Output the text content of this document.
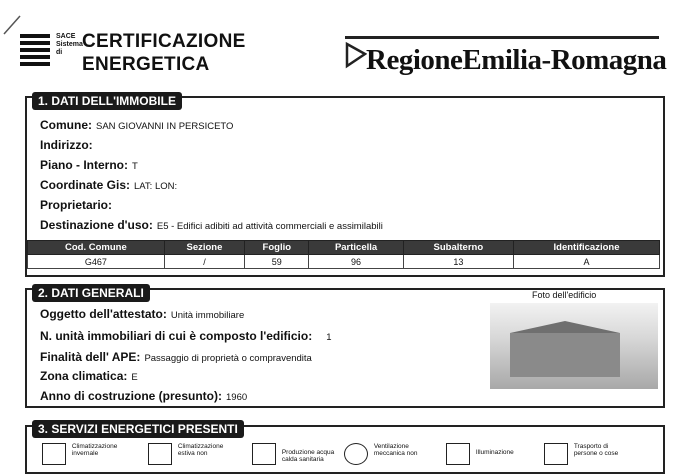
SACE Sistema di
CERTIFICAZIONE
ENERGETICA	RegioneEmilia-Romagna
1. DATI DELL'IMMOBILE
Comune: SAN GIOVANNI IN PERSICETO
Indirizzo:
Piano - Interno: T
Coordinate Gis: LAT: LON:
Proprietario:
Destinazione d'uso: E5 - Edifici adibiti ad attività commerciali e assimilabili
Cod. Comune	Sezione	Foglio	Particella	Subalterno	Identificazione
G467	/	59	96	13	A
2. DATI GENERALI
Oggetto dell'attestato: Unità immobiliare
N. unità immobiliari di cui è composto l'edificio: 1
Finalità dell' APE: Passaggio di proprietà o compravendita
Zona climatica: E
Anno di costruzione (presunto): 1960
Foto dell'edificio
3. SERVIZI ENERGETICI PRESENTI
Climatizzazione
invernale
Climatizzazione
estiva non	Produzione acqua
calda sanitaria
Ventilazione
meccanica non	Illuminazione

Trasporto di
persone o cose
